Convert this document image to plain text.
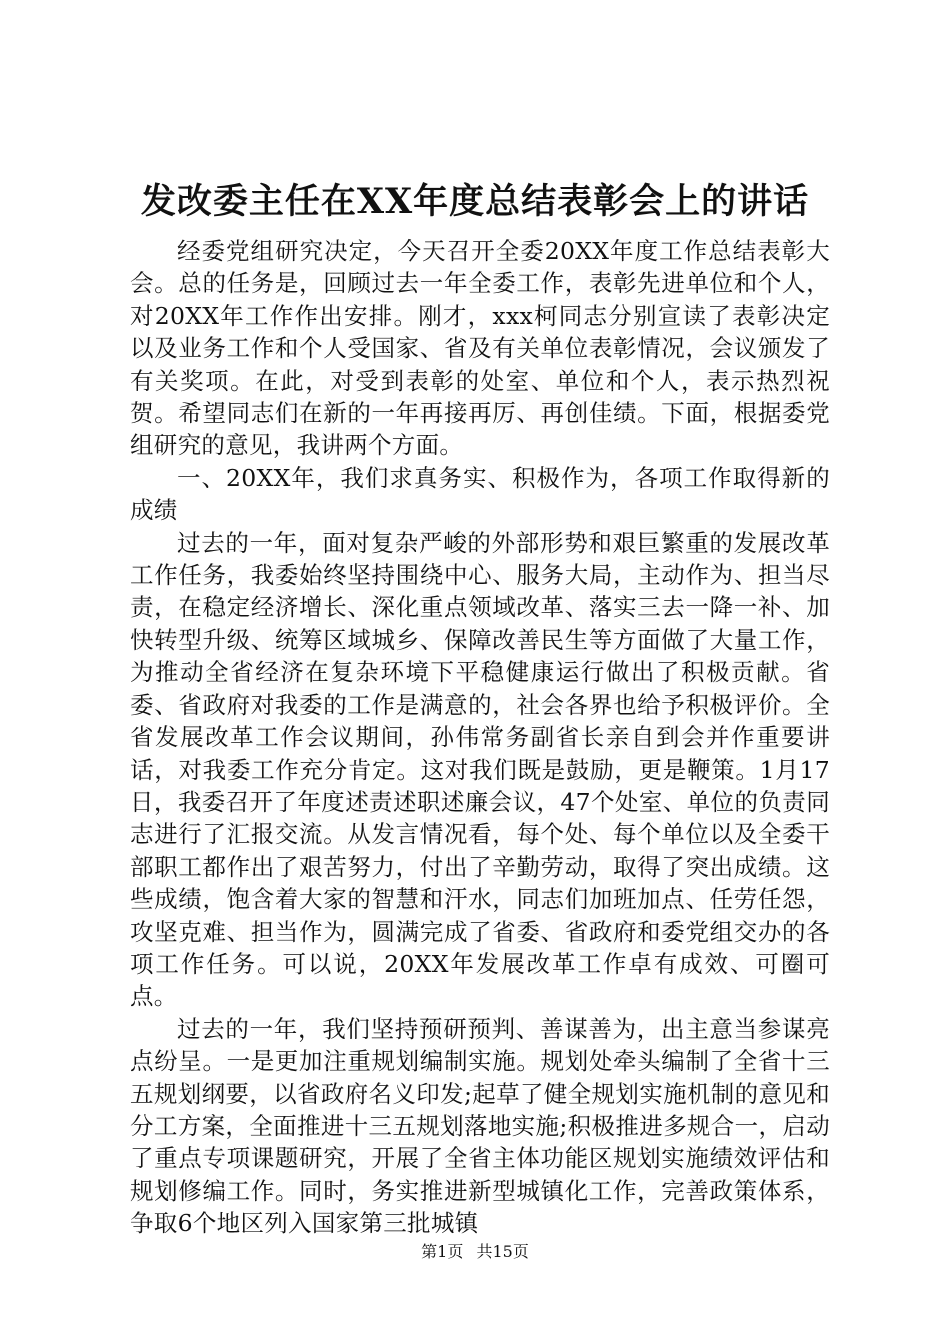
发改委主任在XX年度总结表彰会上的讲话

经委党组研究决定，今天召开全委20XX年度工作总结表彰大会。总的任务是，回顾过去一年全委工作，表彰先进单位和个人，对20XX年工作作出安排。刚才，xxx柯同志分别宣读了表彰决定以及业务工作和个人受国家、省及有关单位表彰情况，会议颁发了有关奖项。在此，对受到表彰的处室、单位和个人，表示热烈祝贺。希望同志们在新的一年再接再厉、再创佳绩。下面，根据委党组研究的意见，我讲两个方面。

一、20XX年，我们求真务实、积极作为，各项工作取得新的成绩

过去的一年，面对复杂严峻的外部形势和艰巨繁重的发展改革工作任务，我委始终坚持围绕中心、服务大局，主动作为、担当尽责，在稳定经济增长、深化重点领域改革、落实三去一降一补、加快转型升级、统筹区域城乡、保障改善民生等方面做了大量工作，为推动全省经济在复杂环境下平稳健康运行做出了积极贡献。省委、省政府对我委的工作是满意的，社会各界也给予积极评价。全省发展改革工作会议期间，孙伟常务副省长亲自到会并作重要讲话，对我委工作充分肯定。这对我们既是鼓励，更是鞭策。1月17日，我委召开了年度述责述职述廉会议，47个处室、单位的负责同志进行了汇报交流。从发言情况看，每个处、每个单位以及全委干部职工都作出了艰苦努力，付出了辛勤劳动，取得了突出成绩。这些成绩，饱含着大家的智慧和汗水，同志们加班加点、任劳任怨，攻坚克难、担当作为，圆满完成了省委、省政府和委党组交办的各项工作任务。可以说，20XX年发展改革工作卓有成效、可圈可点。

过去的一年，我们坚持预研预判、善谋善为，出主意当参谋亮点纷呈。一是更加注重规划编制实施。规划处牵头编制了全省十三五规划纲要，以省政府名义印发;起草了健全规划实施机制的意见和分工方案，全面推进十三五规划落地实施;积极推进多规合一，启动了重点专项课题研究，开展了全省主体功能区规划实施绩效评估和规划修编工作。同时，务实推进新型城镇化工作，完善政策体系，争取6个地区列入国家第三批城镇

第1页 共15页
